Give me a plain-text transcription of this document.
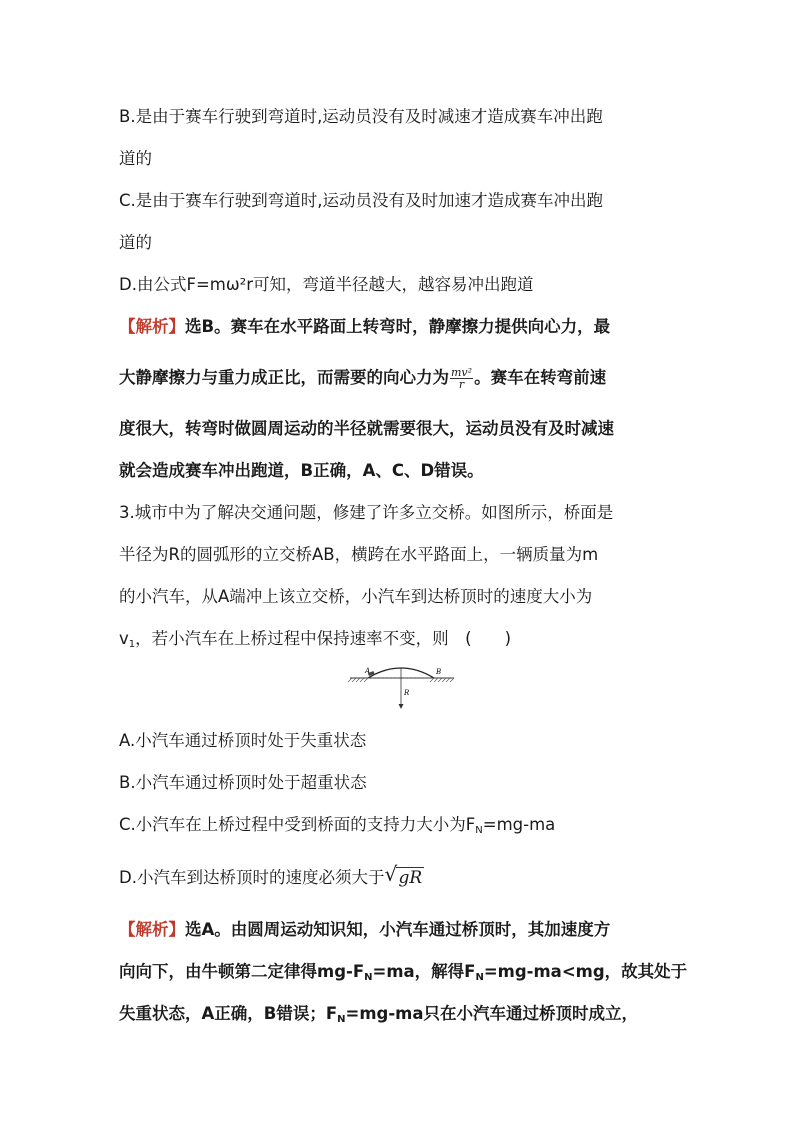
B.是由于赛车行驶到弯道时,运动员没有及时减速才造成赛车冲出跑
道的
C.是由于赛车行驶到弯道时,运动员没有及时加速才造成赛车冲出跑
道的
D.由公式F=mω²r可知，弯道半径越大，越容易冲出跑道
【解析】选B。赛车在水平路面上转弯时，静摩擦力提供向心力，最
大静摩擦力与重力成正比，而需要的向心力为 $\frac{\text{mv²}}{r}$ 。赛车在转弯前速
度很大，转弯时做圆周运动的半径就需要很大，运动员没有及时减速
就会造成赛车冲出跑道，B正确，A、C、D错误。
3.城市中为了解决交通问题，修建了许多立交桥。如图所示，桥面是
半径为R的圆弧形的立交桥AB，横跨在水平路面上，一辆质量为m
的小汽车，从A端冲上该立交桥，小汽车到达桥顶时的速度大小为
$v_1$，若小汽车在上桥过程中保持速率不变，则　(　　)
A	B
R
A.小汽车通过桥顶时处于失重状态
B.小汽车通过桥顶时处于超重状态
C.小汽车在上桥过程中受到桥面的支持力大小为$F_N=mg-ma$
D.小汽车到达桥顶时的速度必须大于 √ gR
【解析】选A。由圆周运动知识知，小汽车通过桥顶时，其加速度方
向向下，由牛顿第二定律得$mg-F_N=ma$，解得$F_N=mg-ma<mg$，故其处于
失重状态，A正确，B错误；$F_N=mg-ma$只在小汽车通过桥顶时成立，
